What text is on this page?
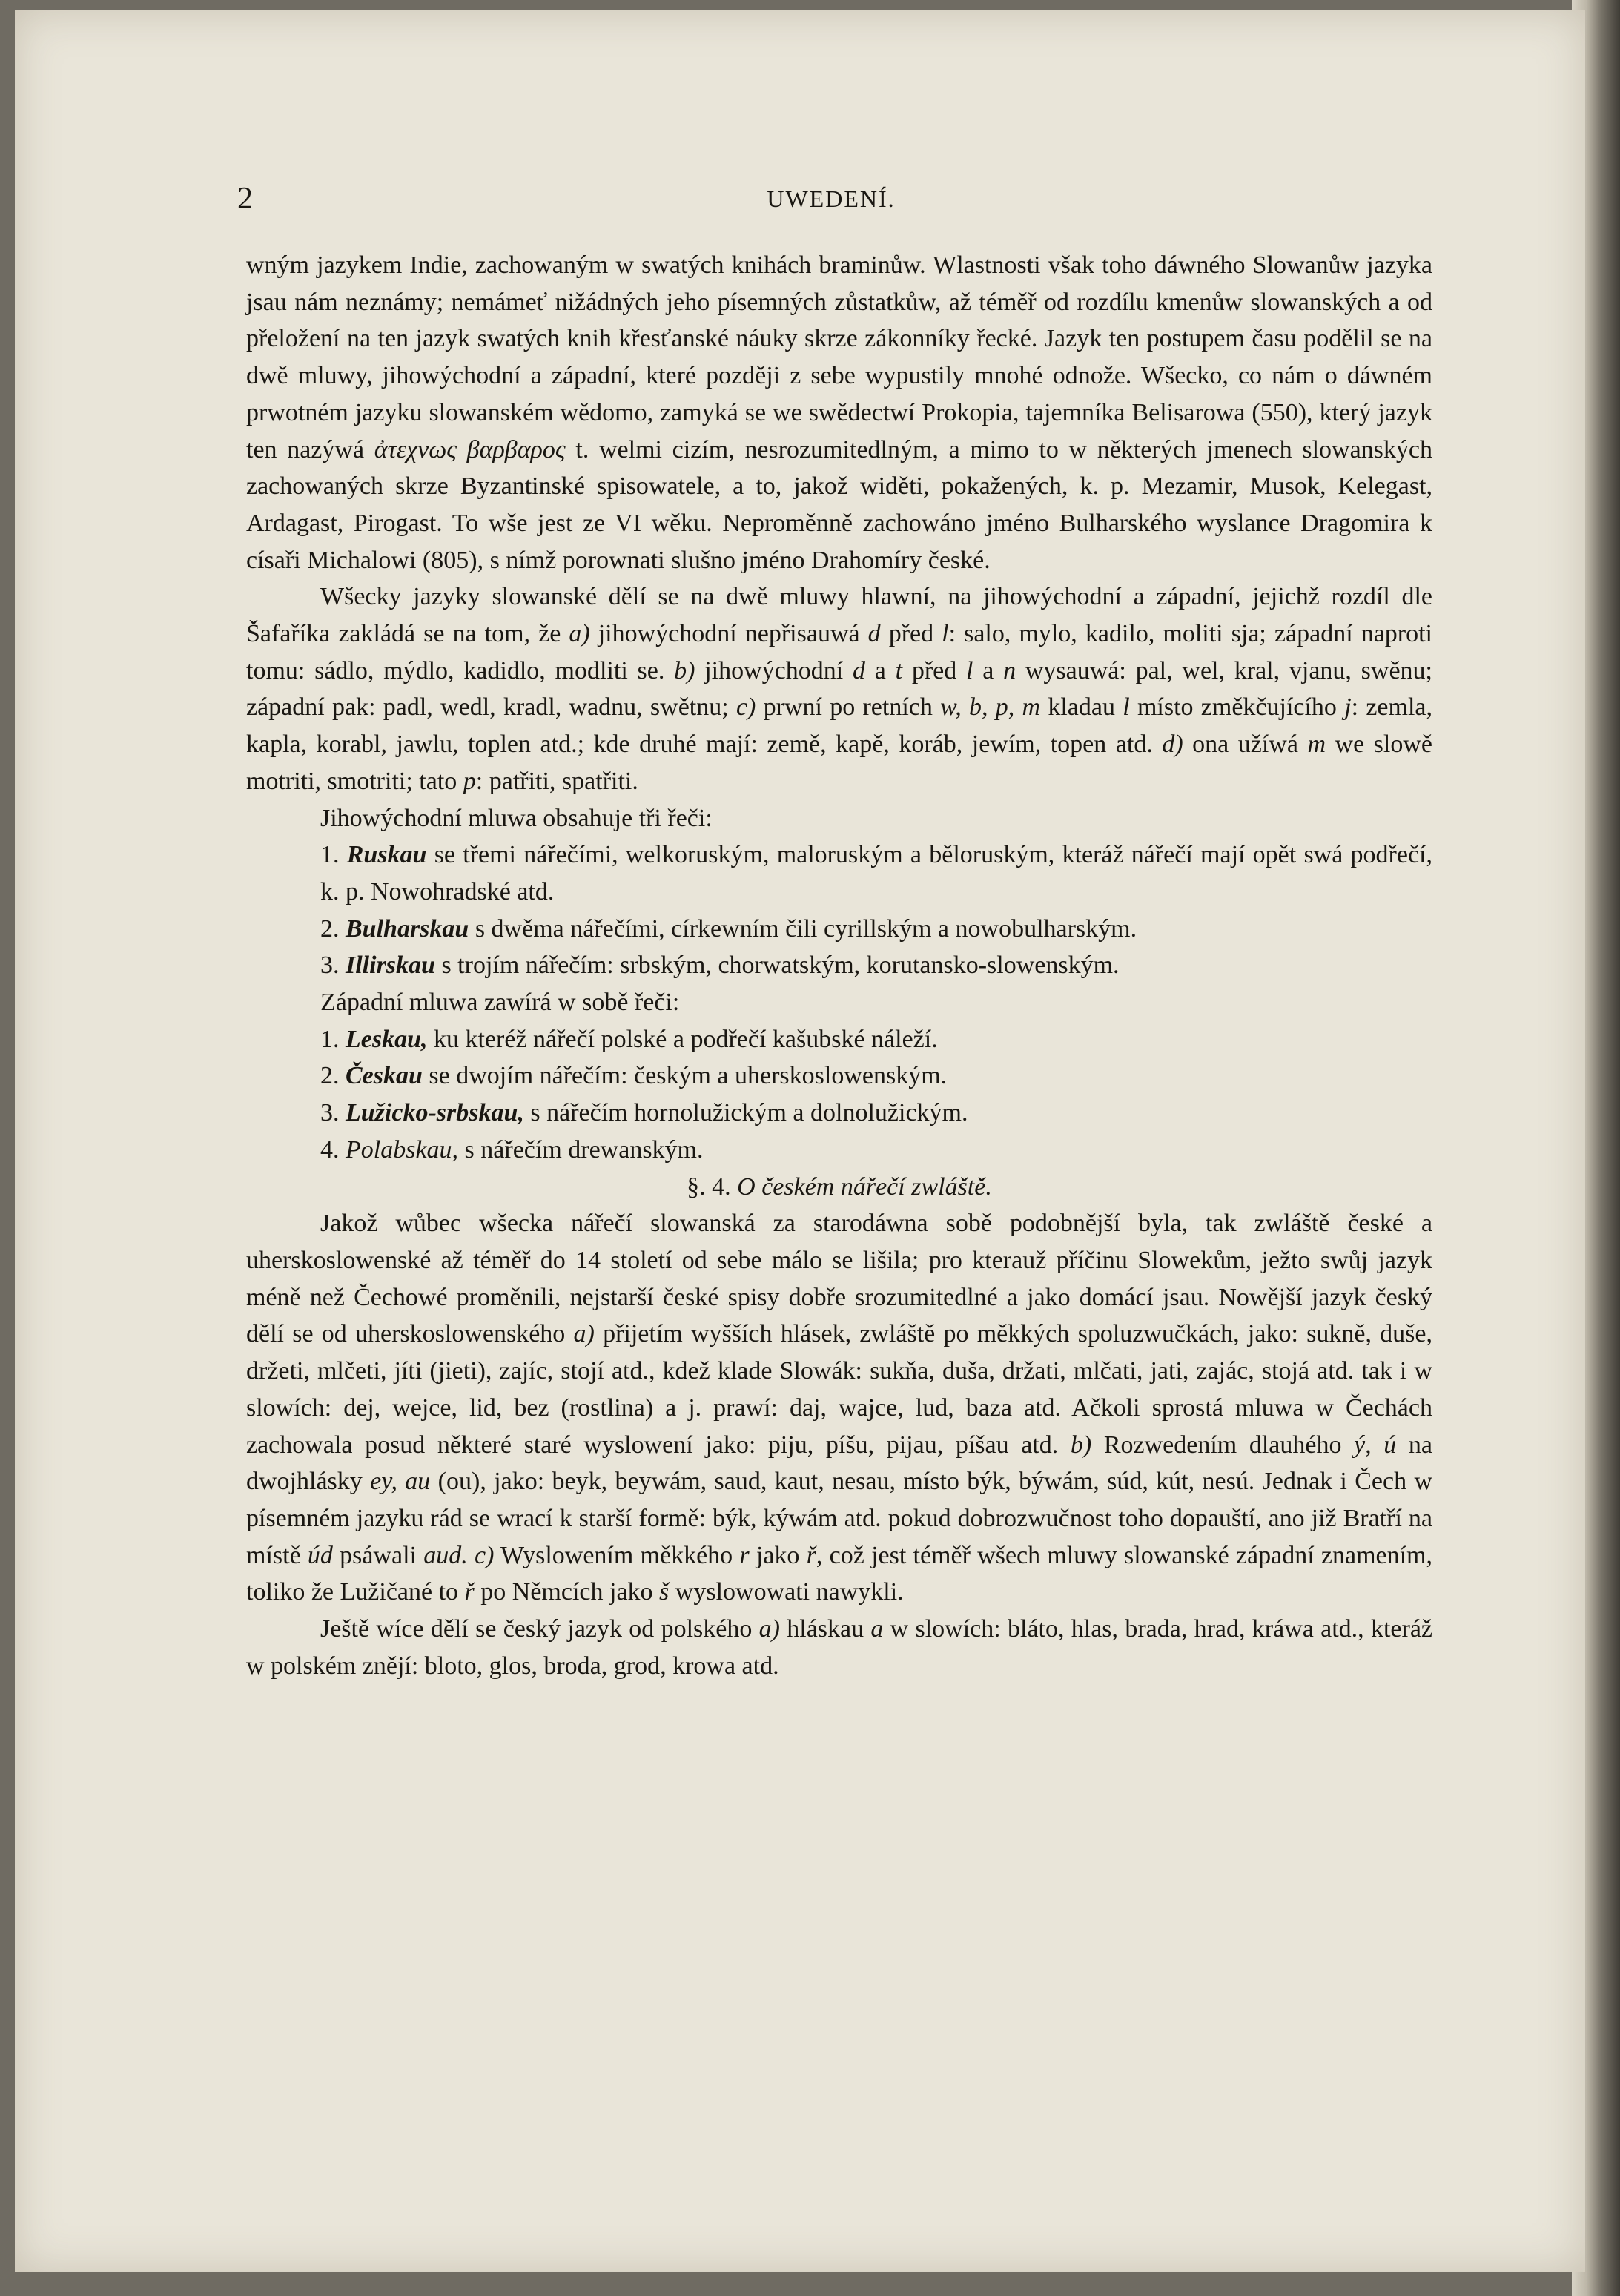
2	UWEDENÍ.

wným jazykem Indie, zachowaným w swatých knihách braminůw. Wlastnosti však toho dáwného Slowanůw jazyka jsau nám neznámy; nemámeť nižádných jeho písemných zůstatkůw, až téměř od rozdílu kmenůw slowanských a od přeložení na ten jazyk swatých knih křesťanské náuky skrze zákonníky řecké. Jazyk ten postupem času podělil se na dwě mluwy, jihowýchodní a západní, které později z sebe wypustily mnohé odnože. Wšecko, co nám o dáwném prwotném jazyku slowanském wědomo, zamyká se we swědectwí Prokopia, tajemníka Belisarowa (550), který jazyk ten nazýwá ἀτεχνως βαρβαρος t. welmi cizím, nesrozumitedlným, a mimo to w některých jmenech slowanských zachowaných skrze Byzantinské spisowatele, a to, jakož widěti, pokažených, k. p. Mezamir, Musok, Kelegast, Ardagast, Pirogast. To wše jest ze VI wěku. Neproměnně zachowáno jméno Bulharského wyslance Dragomira k císaři Michalowi (805), s nímž porownati slušno jméno Drahomíry české.

Wšecky jazyky slowanské dělí se na dwě mluwy hlawní, na jihowýchodní a západní, jejichž rozdíl dle Šafaříka zakládá se na tom, že a) jihowýchodní nepřisauwá d před l: salo, mylo, kadilo, moliti sja; západní naproti tomu: sádlo, mýdlo, kadidlo, modliti se. b) jihowýchodní d a t před l a n wysauwá: pal, wel, kral, vjanu, swěnu; západní pak: padl, wedl, kradl, wadnu, swětnu; c) prwní po retních w, b, p, m kladau l místo změkčujícího j: zemla, kapla, korabl, jawlu, toplen atd.; kde druhé mají: země, kapě, koráb, jewím, topen atd. d) ona užíwá m we slowě motriti, smotriti; tato p: patřiti, spatřiti.

Jihowýchodní mluwa obsahuje tři řeči:

1. Ruskau se třemi nářečími, welkoruským, maloruským a běloruským, kteráž nářečí mají opět swá podřečí, k. p. Nowohradské atd.

2. Bulharskau s dwěma nářečími, církewním čili cyrillským a nowobulharským.

3. Illirskau s trojím nářečím: srbským, chorwatským, korutansko-slowenským.

Západní mluwa zawírá w sobě řeči:

1. Leskau, ku kteréž nářečí polské a podřečí kašubské náleží.

2. Českau se dwojím nářečím: českým a uherskoslowenským.

3. Lužicko-srbskau, s nářečím hornolužickým a dolnolužickým.

4. Polabskau, s nářečím drewanským.

§. 4. O českém nářečí zwláště.

Jakož wůbec wšecka nářečí slowanská za starodáwna sobě podobnější byla, tak zwláště české a uherskoslowenské až téměř do 14 století od sebe málo se lišila; pro kterauž příčinu Slowekům, ježto swůj jazyk méně než Čechowé proměnili, nejstarší české spisy dobře srozumitedlné a jako domácí jsau. Nowější jazyk český dělí se od uherskoslowenského a) přijetím wyšších hlásek, zwláště po měkkých spoluzwučkách, jako: sukně, duše, držeti, mlčeti, jíti (jieti), zajíc, stojí atd., kdež klade Slowák: sukňa, duša, držati, mlčati, jati, zajác, stojá atd. tak i w slowích: dej, wejce, lid, bez (rostlina) a j. prawí: daj, wajce, lud, baza atd. Ačkoli sprostá mluwa w Čechách zachowala posud některé staré wyslowení jako: piju, píšu, pijau, píšau atd. b) Rozwedením dlauhého ý, ú na dwojhlásky ey, au (ou), jako: beyk, beywám, saud, kaut, nesau, místo býk, býwám, súd, kút, nesú. Jednak i Čech w písemném jazyku rád se wrací k starší formě: býk, kýwám atd. pokud dobrozwučnost toho dopauští, ano již Bratří na místě úd psáwali aud. c) Wyslowením měkkého r jako ř, což jest téměř wšech mluwy slowanské západní znamením, toliko že Lužičané to ř po Němcích jako š wyslowowati nawykli.

Ještě wíce dělí se český jazyk od polského a) hláskau a w slowích: bláto, hlas, brada, hrad, kráwa atd., kteráž w polském znějí: bloto, glos, broda, grod, krowa atd.
